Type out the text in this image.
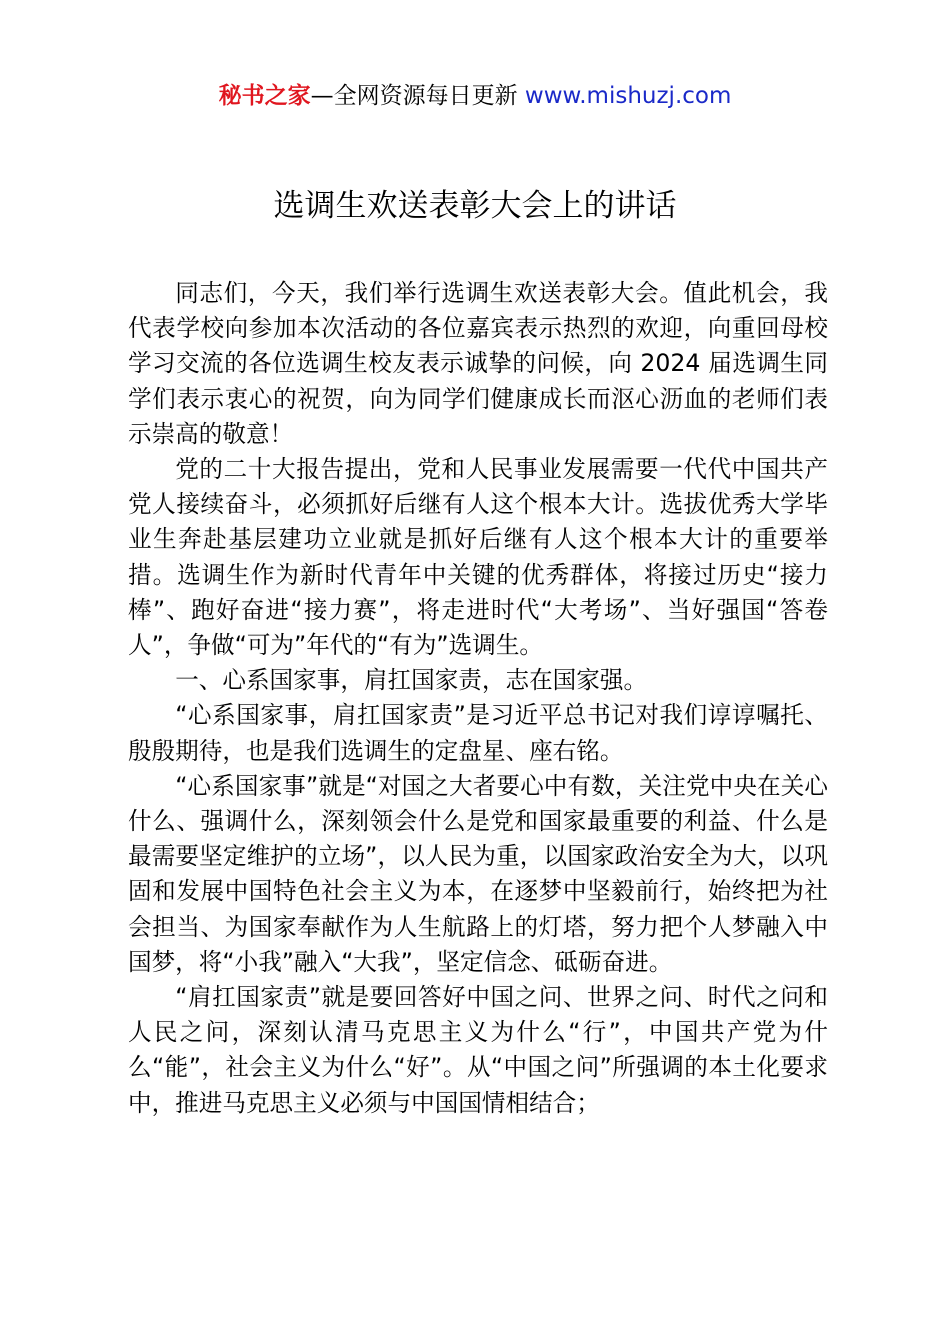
秘书之家—全网资源每日更新 www.mishuzj.com
选调生欢送表彰大会上的讲话

同志们，今天，我们举行选调生欢送表彰大会。值此机会，我代表学校向参加本次活动的各位嘉宾表示热烈的欢迎，向重回母校学习交流的各位选调生校友表示诚挚的问候，向 2024 届选调生同学们表示衷心的祝贺，向为同学们健康成长而沤心沥血的老师们表示崇高的敬意！

党的二十大报告提出，党和人民事业发展需要一代代中国共产党人接续奋斗，必须抓好后继有人这个根本大计。选拔优秀大学毕业生奔赴基层建功立业就是抓好后继有人这个根本大计的重要举措。选调生作为新时代青年中关键的优秀群体，将接过历史“接力棒”、跑好奋进“接力赛”，将走进时代“大考场”、当好强国“答卷人”，争做“可为”年代的“有为”选调生。

一、心系国家事，肩扛国家责，志在国家强。

“心系国家事，肩扛国家责”是习近平总书记对我们谆谆嘱托、殷殷期待，也是我们选调生的定盘星、座右铭。

“心系国家事”就是“对国之大者要心中有数，关注党中央在关心什么、强调什么，深刻领会什么是党和国家最重要的利益、什么是最需要坚定维护的立场”，以人民为重，以国家政治安全为大，以巩固和发展中国特色社会主义为本，在逐梦中坚毅前行，始终把为社会担当、为国家奉献作为人生航路上的灯塔，努力把个人梦融入中国梦，将“小我”融入“大我”，坚定信念、砥砺奋进。

“肩扛国家责”就是要回答好中国之问、世界之问、时代之问和人民之问，深刻认清马克思主义为什么“行”，中国共产党为什么“能”，社会主义为什么“好”。从“中国之问”所强调的本土化要求中，推进马克思主义必须与中国国情相结合；
